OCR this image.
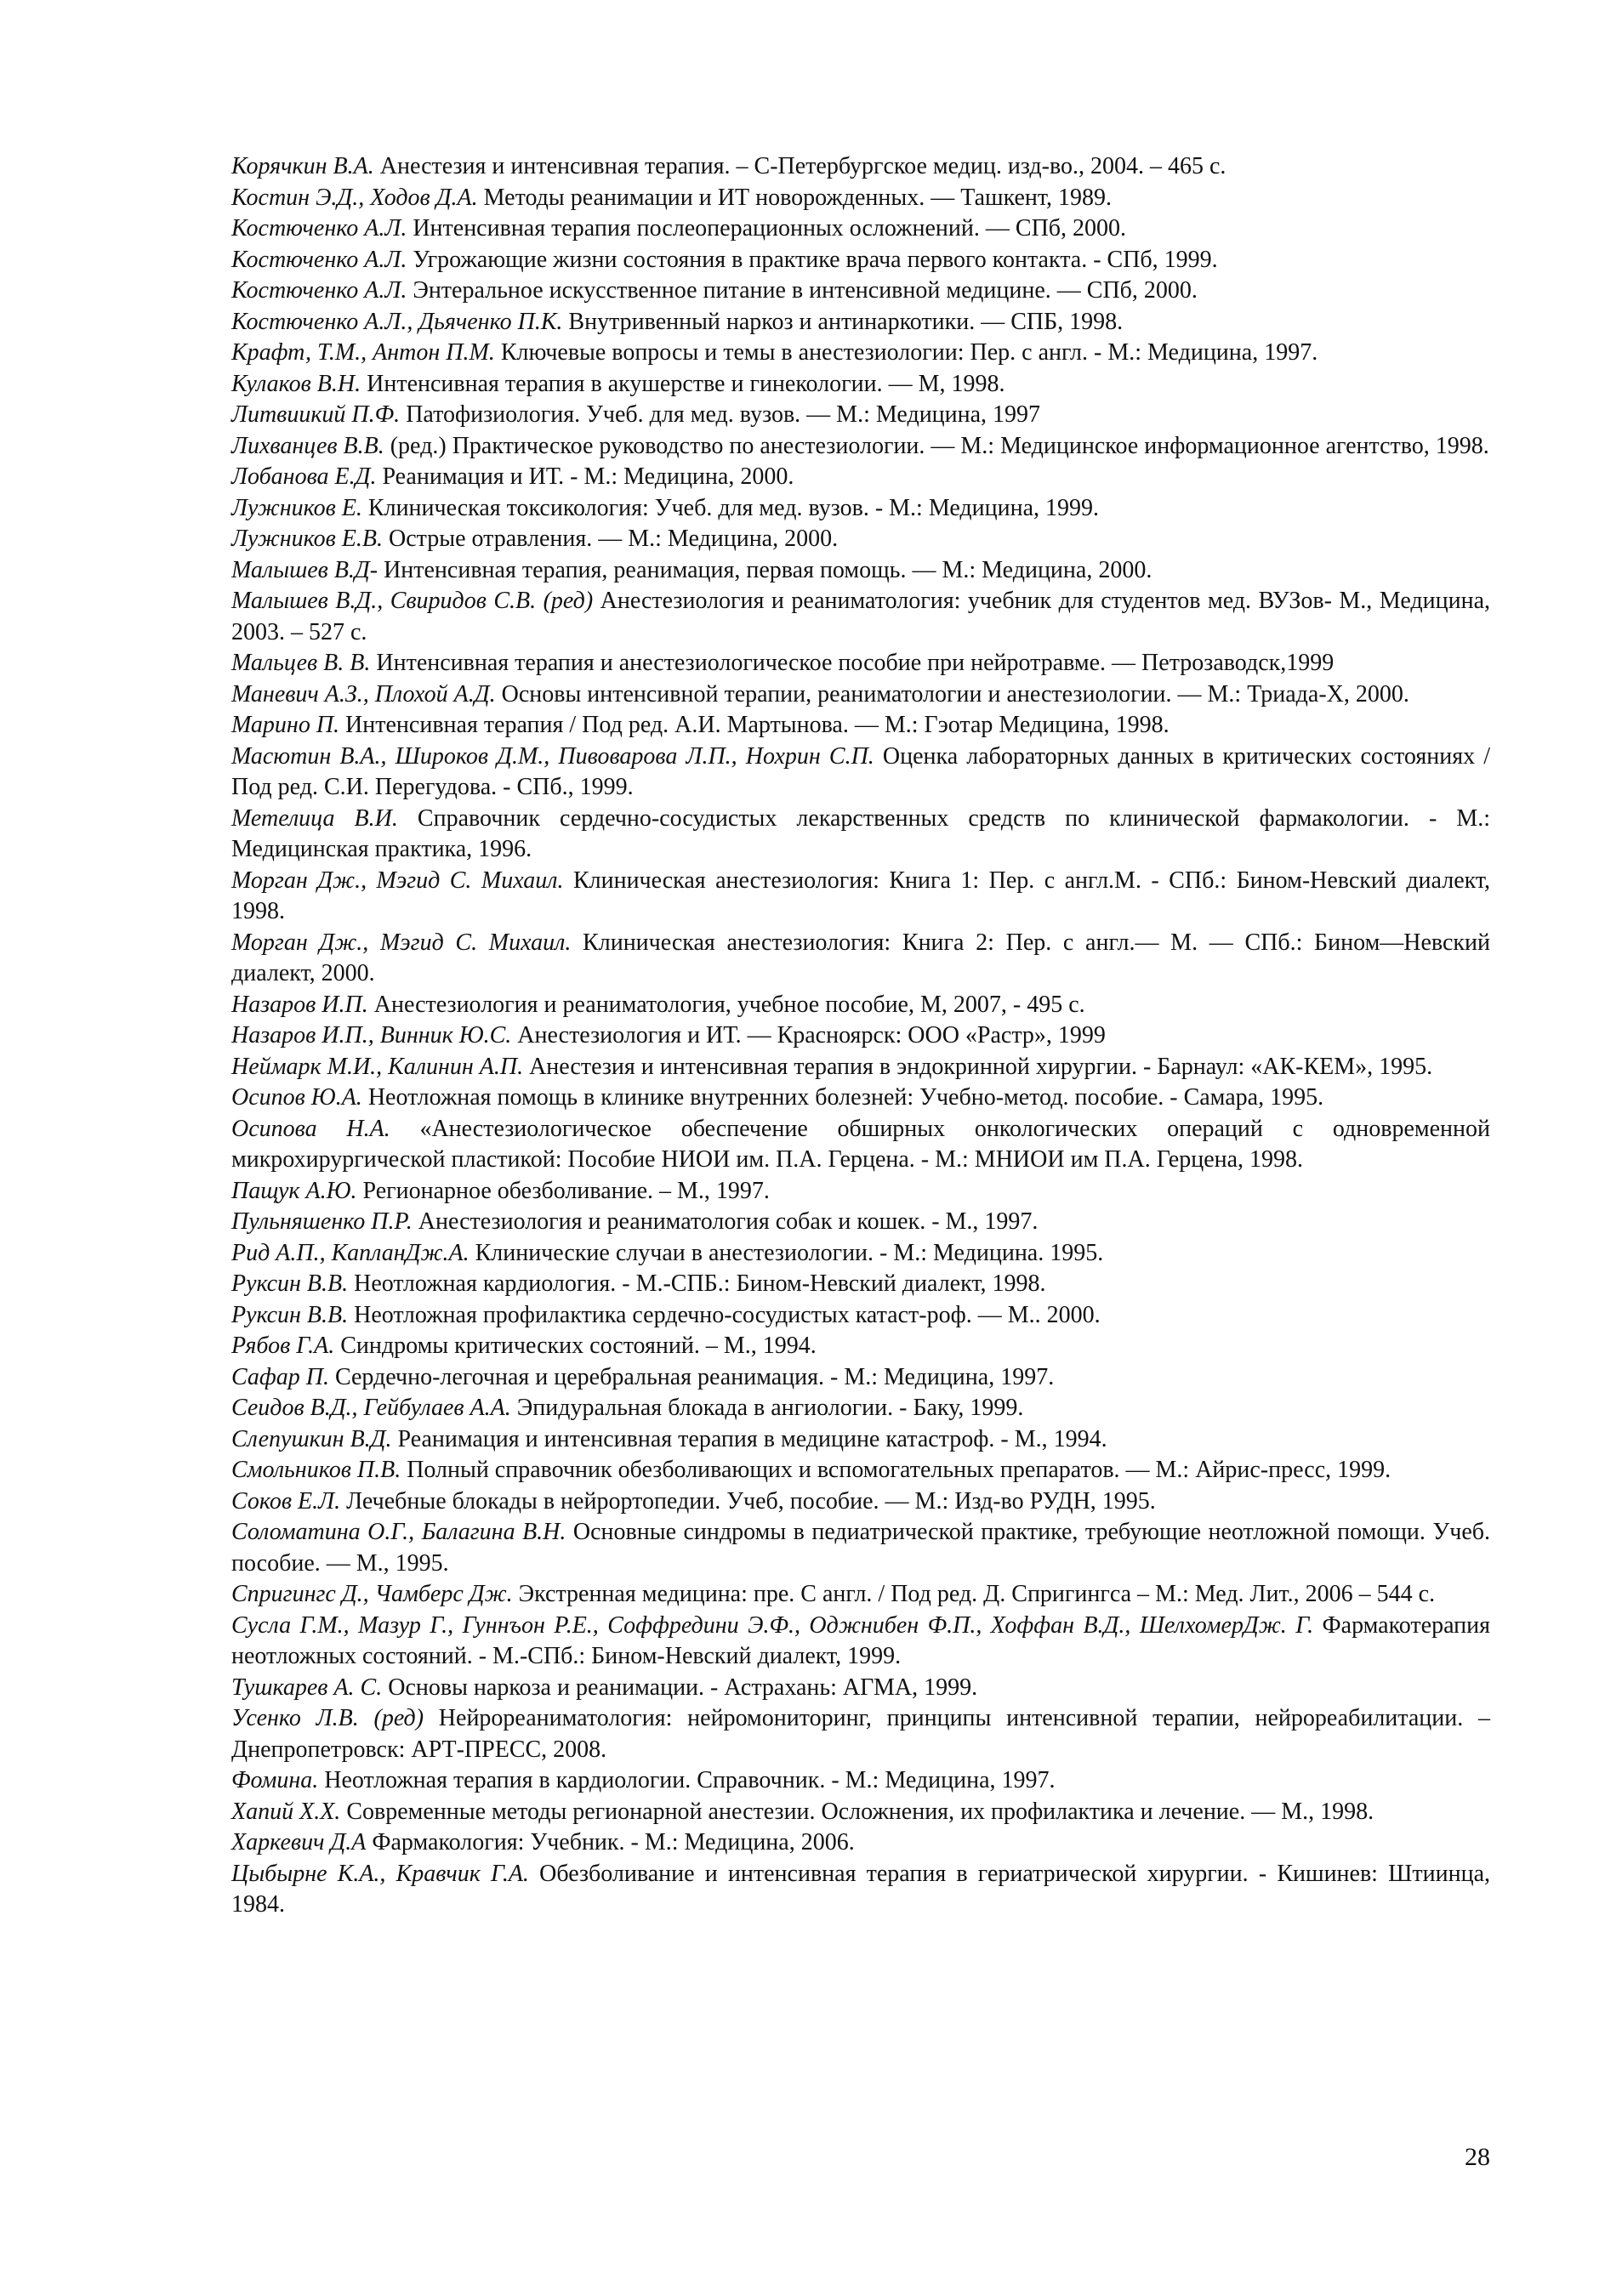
Корячкин В.А. Анестезия и интенсивная терапия. – С-Петербургское медиц. изд-во., 2004. – 465 с.
Костин Э.Д., Ходов Д.А. Методы реанимации и ИТ новорожденных. — Ташкент, 1989.
Костюченко А.Л. Интенсивная терапия послеоперационных осложнений. — СПб, 2000.
Костюченко А.Л. Угрожающие жизни состояния в практике врача первого контакта. - СПб, 1999.
Костюченко А.Л. Энтеральное искусственное питание в интенсивной медицине. — СПб, 2000.
Костюченко А.Л., Дьяченко П.К. Внутривенный наркоз и антинаркотики. — СПБ, 1998.
Крафт, Т.М., Антон П.М. Ключевые вопросы и темы в анестезиологии: Пер. с англ. - М.: Медицина, 1997.
Кулаков В.Н. Интенсивная терапия в акушерстве и гинекологии. — М, 1998.
Литвиикий П.Ф. Патофизиология. Учеб. для мед. вузов. — М.: Медицина, 1997
Лихванцев В.В. (ред.) Практическое руководство по анестезиологии. — М.: Медицинское информационное агентство, 1998.
Лобанова Е.Д. Реанимация и ИТ. - М.: Медицина, 2000.
Лужников Е. Клиническая токсикология: Учеб. для мед. вузов. - М.: Медицина, 1999.
Лужников Е.В. Острые отравления. — М.: Медицина, 2000.
Малышев В.Д- Интенсивная терапия, реанимация, первая помощь. — М.: Медицина, 2000.
Малышев В.Д., Свиридов С.В. (ред) Анестезиология и реаниматология: учебник для студентов мед. ВУЗов- М., Медицина, 2003. – 527 с.
Мальцев В. В. Интенсивная терапия и анестезиологическое пособие при нейротравме. — Петрозаводск,1999
Маневич А.З., Плохой А.Д. Основы интенсивной терапии, реаниматологии и анестезиологии. — М.: Триада-Х, 2000.
Марино П. Интенсивная терапия / Под ред. А.И. Мартынова. — М.: Гэотар Медицина, 1998.
Масютин В.А., Широков Д.М., Пивоварова Л.П., Нохрин С.П. Оценка лабораторных данных в критических состояниях / Под ред. С.И. Перегудова. - СПб., 1999.
Метелица В.И. Справочник сердечно-сосудистых лекарственных средств по клинической фармакологии. - М.: Медицинская практика, 1996.
Морган Дж., Мэгид С. Михаил. Клиническая анестезиология: Книга 1: Пер. с англ.М. - СПб.: Бином-Невский диалект, 1998.
Морган Дж., Мэгид С. Михаил. Клиническая анестезиология: Книга 2: Пер. с англ.— М. — СПб.: Бином—Невский диалект, 2000.
Назаров И.П. Анестезиология и реаниматология, учебное пособие, М, 2007, - 495 с.
Назаров И.П., Винник Ю.С. Анестезиология и ИТ. — Красноярск: ООО «Растр», 1999
Неймарк М.И., Калинин А.П. Анестезия и интенсивная терапия в эндокринной хирургии. - Барнаул: «АК-КЕМ», 1995.
Осипов Ю.А. Неотложная помощь в клинике внутренних болезней: Учебно-метод. пособие. - Самара, 1995.
Осипова Н.А. «Анестезиологическое обеспечение обширных онкологических операций с одновременной микрохирургической пластикой: Пособие НИОИ им. П.А. Герцена. - М.: МНИОИ им П.А. Герцена, 1998.
Пащук А.Ю. Регионарное обезболивание. – М., 1997.
Пульняшенко П.Р. Анестезиология и реаниматология собак и кошек. - М., 1997.
Рид А.П., КапланДж.А. Клинические случаи в анестезиологии. - М.: Медицина. 1995.
Руксин В.В. Неотложная кардиология. - М.-СПБ.: Бином-Невский диалект, 1998.
Руксин В.В. Неотложная профилактика сердечно-сосудистых катаст-роф. — М.. 2000.
Рябов Г.А. Синдромы критических состояний. – М., 1994.
Сафар П. Сердечно-легочная и церебральная реанимация. - М.: Медицина, 1997.
Сеидов В.Д., Гейбулаев А.А. Эпидуральная блокада в ангиологии. - Баку, 1999.
Слепушкин В.Д. Реанимация и интенсивная терапия в медицине катастроф. - М., 1994.
Смольников П.В. Полный справочник обезболивающих и вспомогательных препаратов. — М.: Айрис-пресс, 1999.
Соков Е.Л. Лечебные блокады в нейрортопедии. Учеб, пособие. — М.: Изд-во РУДН, 1995.
Соломатина О.Г., Балагина В.Н. Основные синдромы в педиатрической практике, требующие неотложной помощи. Учеб. пособие. — М., 1995.
Спригингс Д., Чамберс Дж. Экстренная медицина: пре. С англ. / Под ред. Д. Спригингса – М.: Мед. Лит., 2006 – 544 с.
Сусла Г.М., Мазур Г., Гуннъон Р.Е., Соффредини Э.Ф., Оджнибен Ф.П., Хоффан В.Д., ШелхомерДж. Г. Фармакотерапия неотложных состояний. - М.-СПб.: Бином-Невский диалект, 1999.
Тушкарев А. С. Основы наркоза и реанимации. - Астрахань: АГМА, 1999.
Усенко Л.В. (ред) Нейрореаниматология: нейромониторинг, принципы интенсивной терапии, нейрореабилитации. – Днепропетровск: АРТ-ПРЕСС, 2008.
Фомина. Неотложная терапия в кардиологии. Справочник. - М.: Медицина, 1997.
Хапий Х.Х. Современные методы регионарной анестезии. Осложнения, их профилактика и лечение. — М., 1998.
Харкевич Д.А Фармакология: Учебник. - М.: Медицина, 2006.
Цыбырне К.А., Кравчик Г.А. Обезболивание и интенсивная терапия в гериатрической хирургии. - Кишинев: Штиинца, 1984.
28
